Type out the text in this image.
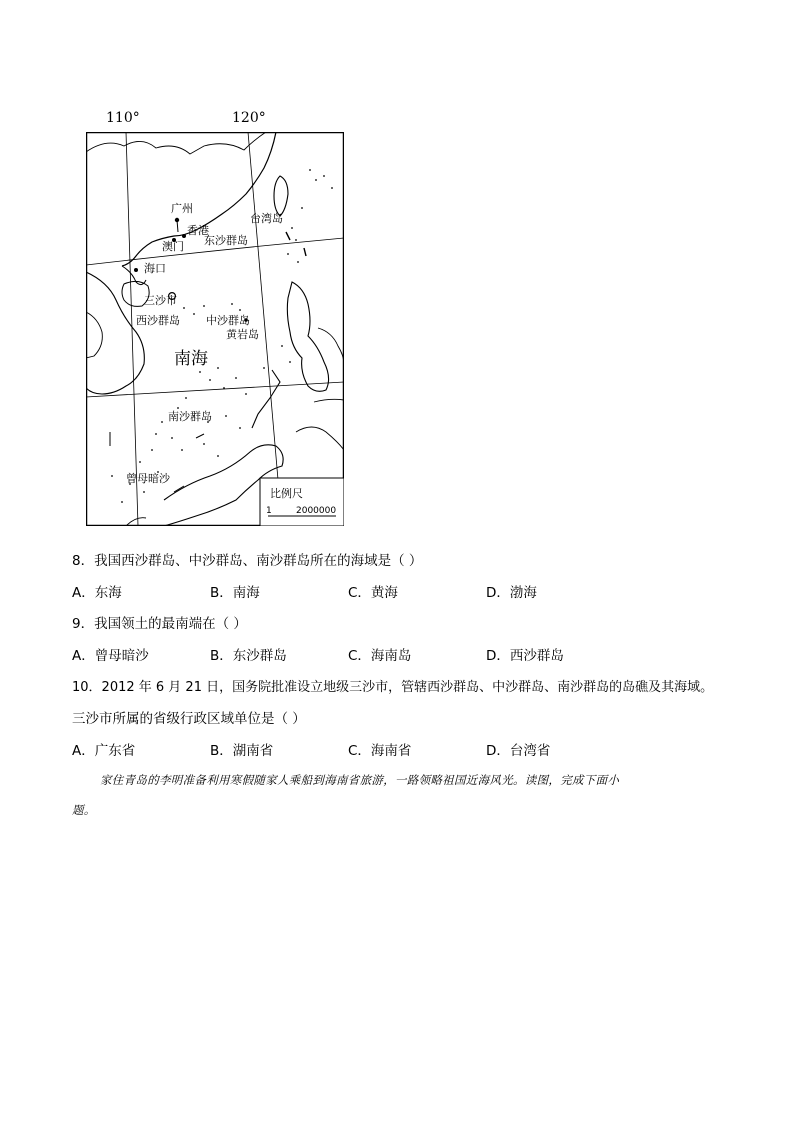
110°	120°
广州
香港
澳门
台湾岛
东沙群岛
海口
三沙市
西沙群岛 中沙群岛
黄岩岛
南海
南沙群岛
曾母暗沙
比例尺
1	2000000
8．我国西沙群岛、中沙群岛、南沙群岛所在的海域是（ ）
A．东海	B．南海	C．黄海	D．渤海
9．我国领土的最南端在（ ）
A．曾母暗沙	B．东沙群岛	C．海南岛	D．西沙群岛
10．2012 年 6 月 21 日，国务院批准设立地级三沙市，管辖西沙群岛、中沙群岛、南沙群岛的岛礁及其海域。
三沙市所属的省级行政区域单位是（ ）
A．广东省	B．湖南省	C．海南省	D．台湾省
家住青岛的李明准备利用寒假随家人乘船到海南省旅游，一路领略祖国近海风光。读图，完成下面小
题。
